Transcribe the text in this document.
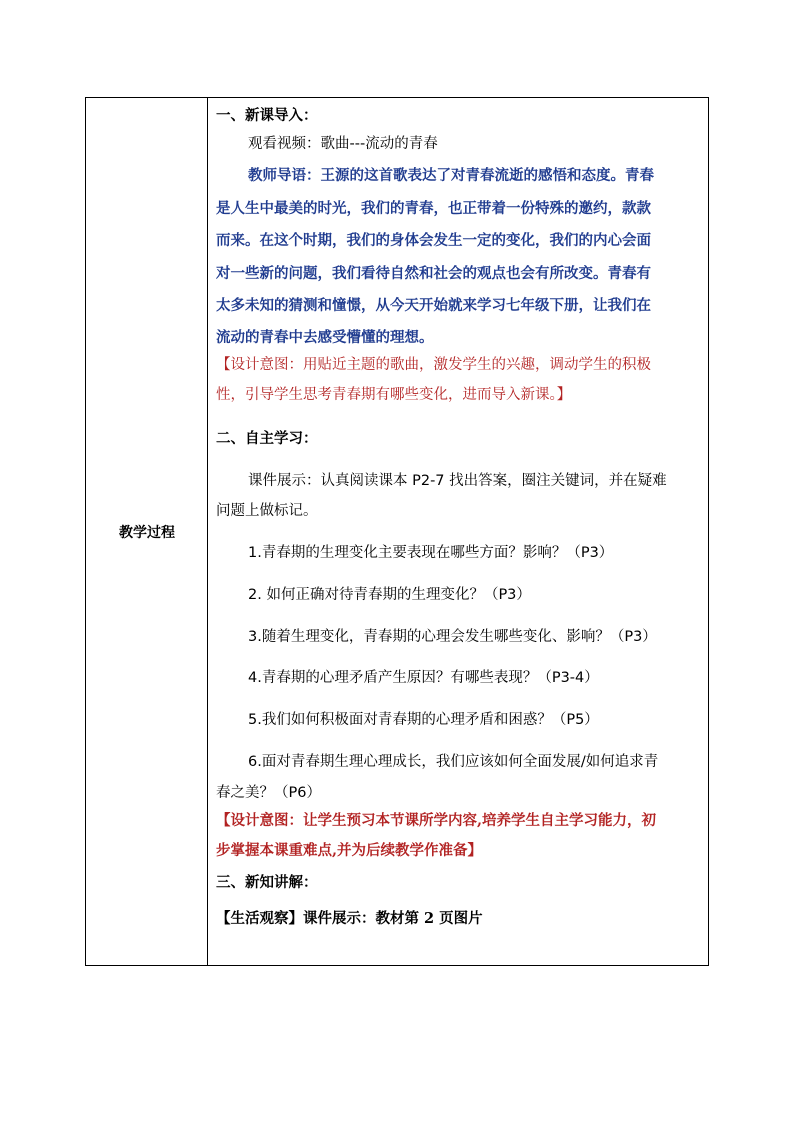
教学过程
一、新课导入：
观看视频：歌曲---流动的青春
教师导语：王源的这首歌表达了对青春流逝的感悟和态度。青春
是人生中最美的时光，我们的青春，也正带着一份特殊的邀约，款款
而来。在这个时期，我们的身体会发生一定的变化，我们的内心会面
对一些新的问题，我们看待自然和社会的观点也会有所改变。青春有
太多未知的猜测和憧憬，从今天开始就来学习七年级下册，让我们在
流动的青春中去感受懵懂的理想。
【设计意图：用贴近主题的歌曲，激发学生的兴趣，调动学生的积极
性，引导学生思考青春期有哪些变化，进而导入新课。】
二、自主学习：
课件展示：认真阅读课本 P2-7 找出答案，圈注关键词，并在疑难
问题上做标记。
1.青春期的生理变化主要表现在哪些方面？影响？（P3）
2. 如何正确对待青春期的生理变化？（P3）
3.随着生理变化，青春期的心理会发生哪些变化、影响？（P3）
4.青春期的心理矛盾产生原因？有哪些表现？（P3-4）
5.我们如何积极面对青春期的心理矛盾和困惑？（P5）
6.面对青春期生理心理成长，我们应该如何全面发展/如何追求青
春之美？（P6）
【设计意图：让学生预习本节课所学内容,培养学生自主学习能力，初
步掌握本课重难点,并为后续教学作准备】
三、新知讲解：
【生活观察】课件展示：教材第 2 页图片
